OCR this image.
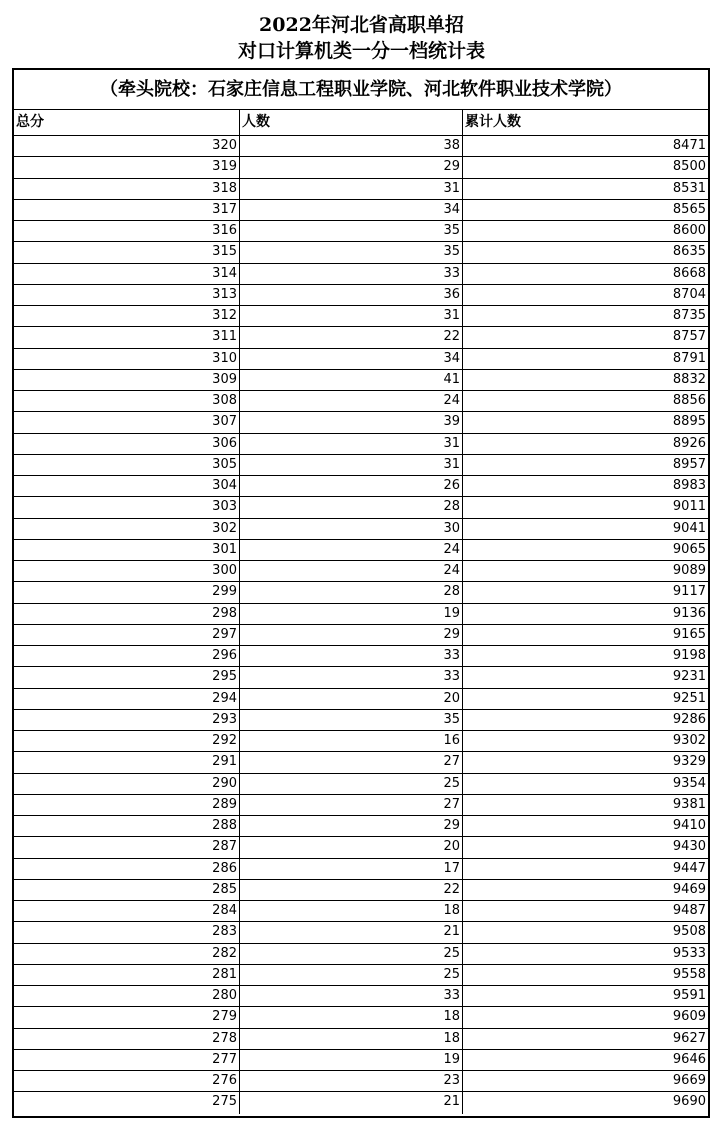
2022年河北省高职单招
对口计算机类一分一档统计表
（牵头院校：石家庄信息工程职业学院、河北软件职业技术学院）
总分	人数	累计人数
320	38	8471
319	29	8500
318	31	8531
317	34	8565
316	35	8600
315	35	8635
314	33	8668
313	36	8704
312	31	8735
311	22	8757
310	34	8791
309	41	8832
308	24	8856
307	39	8895
306	31	8926
305	31	8957
304	26	8983
303	28	9011
302	30	9041
301	24	9065
300	24	9089
299	28	9117
298	19	9136
297	29	9165
296	33	9198
295	33	9231
294	20	9251
293	35	9286
292	16	9302
291	27	9329
290	25	9354
289	27	9381
288	29	9410
287	20	9430
286	17	9447
285	22	9469
284	18	9487
283	21	9508
282	25	9533
281	25	9558
280	33	9591
279	18	9609
278	18	9627
277	19	9646
276	23	9669
275	21	9690
